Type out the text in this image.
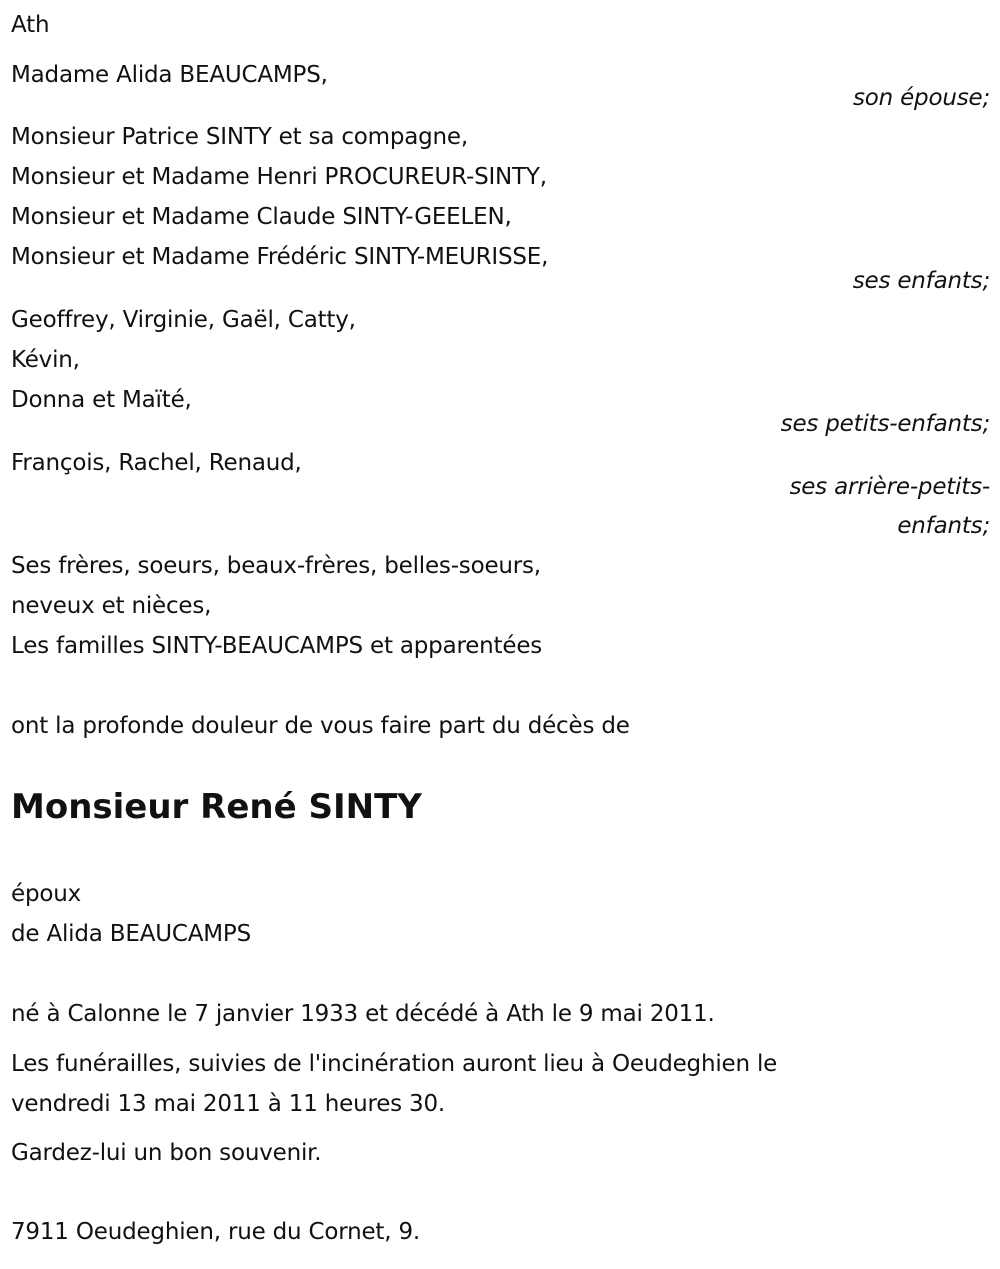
Ath
Madame Alida BEAUCAMPS,
son épouse;
Monsieur Patrice SINTY et sa compagne,
Monsieur et Madame Henri PROCUREUR-SINTY,
Monsieur et Madame Claude SINTY-GEELEN,
Monsieur et Madame Frédéric SINTY-MEURISSE,
ses enfants;
Geoffrey, Virginie, Gaël, Catty,
Kévin,
Donna et Maïté,
ses petits-enfants;
François, Rachel, Renaud,
ses arrière-petits-
enfants;
Ses frères, soeurs, beaux-frères, belles-soeurs,
neveux et nièces,
Les familles SINTY-BEAUCAMPS et apparentées
ont la profonde douleur de vous faire part du décès de
Monsieur René SINTY
époux
de Alida BEAUCAMPS
né à Calonne le 7 janvier 1933 et décédé à Ath le 9 mai 2011.
Les funérailles, suivies de l'incinération auront lieu à Oeudeghien le
vendredi 13 mai 2011 à 11 heures 30.
Gardez-lui un bon souvenir.
7911 Oeudeghien, rue du Cornet, 9.
